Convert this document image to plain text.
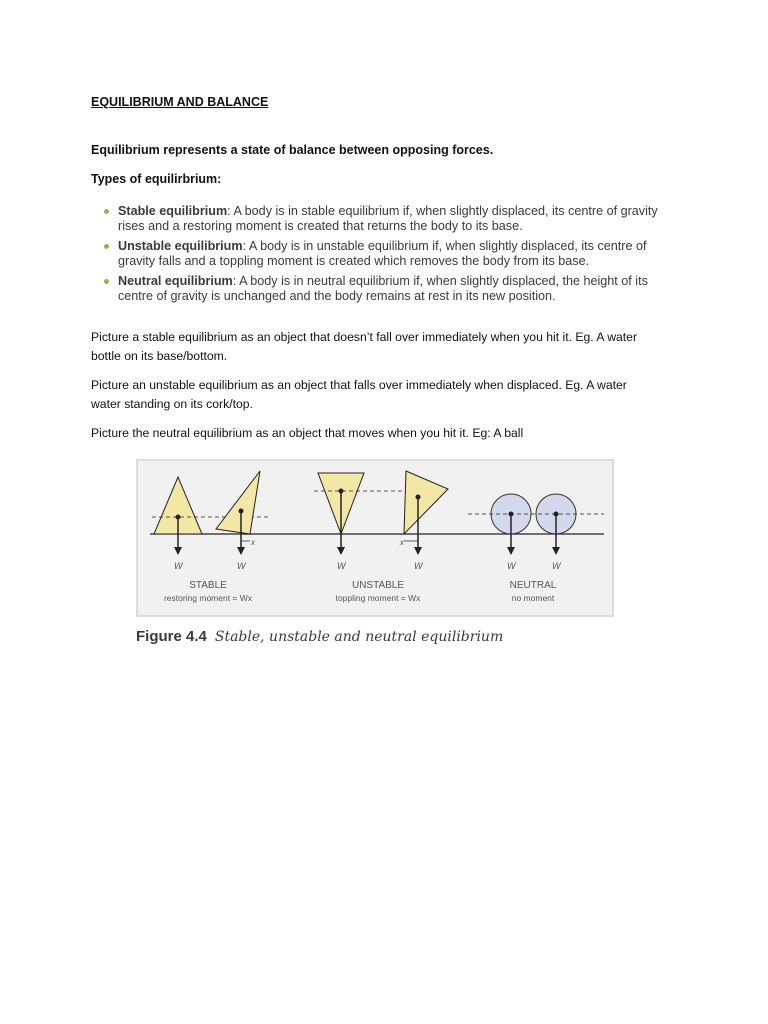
EQUILIBRIUM AND BALANCE
Equilibrium represents a state of balance between opposing forces.
Types of equilirbrium:
Stable equilibrium: A body is in stable equilibrium if, when slightly displaced, its centre of gravity
rises and a restoring moment is created that returns the body to its base.
Unstable equilibrium: A body is in unstable equilibrium if, when slightly displaced, its centre of
gravity falls and a toppling moment is created which removes the body from its base.
Neutral equilibrium: A body is in neutral equilibrium if, when slightly displaced, the height of its
centre of gravity is unchanged and the body remains at rest in its new position.
Picture a stable equilibrium as an object that doesn’t fall over immediately when you hit it. Eg. A water
bottle on its base/bottom.
Picture an unstable equilibrium as an object that falls over immediately when displaced. Eg. A water
water standing on its cork/top.
Picture the neutral equilibrium as an object that moves when you hit it. Eg: A ball
x	x
W	W	W	W	W	W
STABLE
restoring moment = Wx
UNSTABLE
toppling moment = Wx
NEUTRAL
no moment
Figure 4.4 Stable, unstable and neutral equilibrium
